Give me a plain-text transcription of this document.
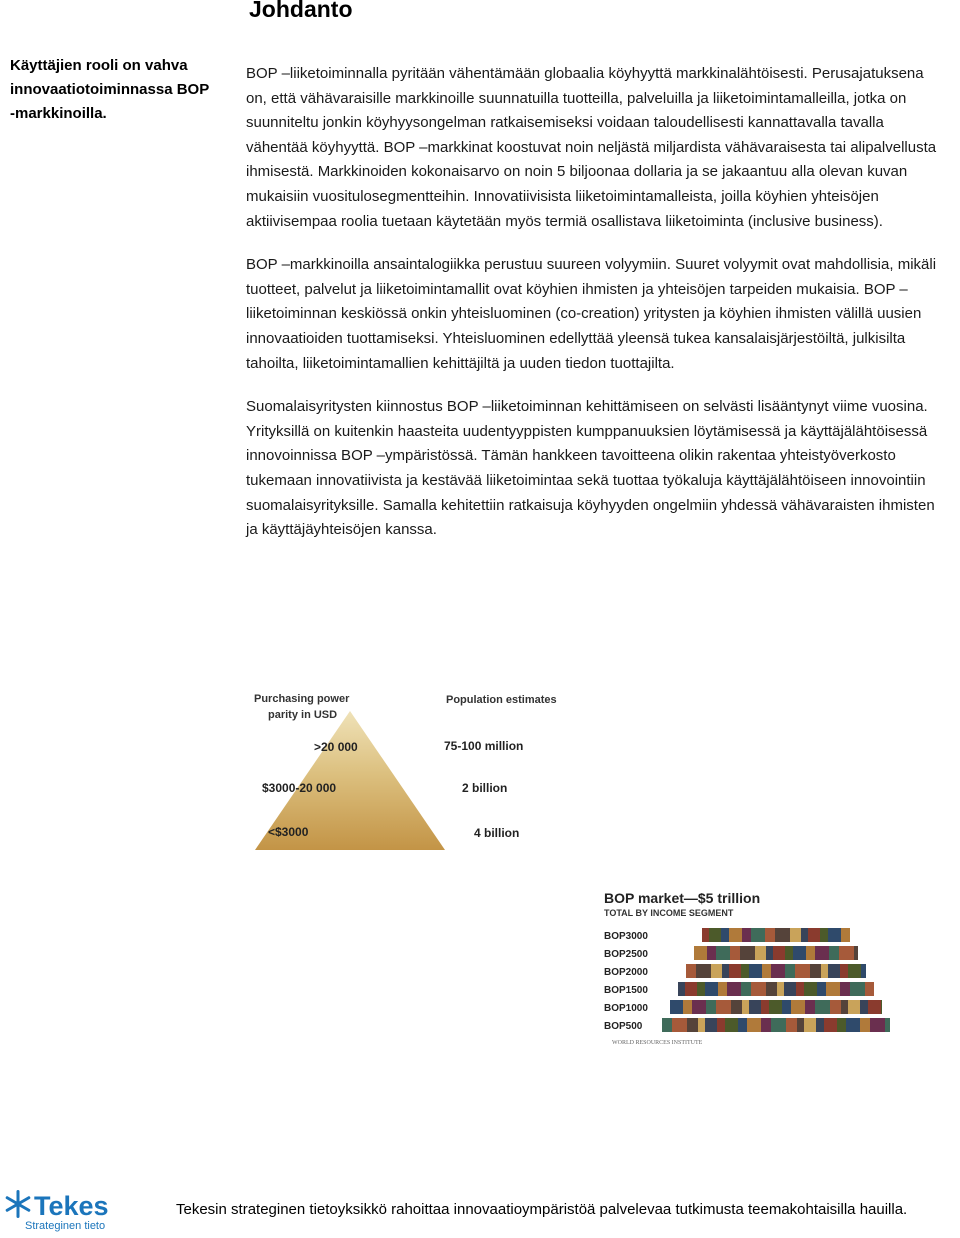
Johdanto
Käyttäjien rooli on vahva innovaatiotoiminnassa BOP -markkinoilla.

BOP –liiketoiminnalla pyritään vähentämään globaalia köyhyyttä markkinalähtöisesti. Perusajatuksena on, että vähävaraisille markkinoille suunnatuilla tuotteilla, palveluilla ja liiketoimintamalleilla, jotka on suunniteltu jonkin köyhyysongelman ratkaisemiseksi voidaan taloudellisesti kannattavalla tavalla vähentää köyhyyttä. BOP –markkinat koostuvat noin neljästä miljardista vähävaraisesta tai alipalvellusta ihmisestä. Markkinoiden kokonaisarvo on noin 5 biljoonaa dollaria ja se jakaantuu alla olevan kuvan mukaisiin vuositulosegmentteihin. Innovatiivisista liiketoimintamalleista, joilla köyhien yhteisöjen aktiivisempaa roolia tuetaan käytetään myös termiä osallistava liiketoiminta (inclusive business).

BOP –markkinoilla ansaintalogiikka perustuu suureen volyymiin. Suuret volyymit ovat mahdollisia, mikäli tuotteet, palvelut ja liiketoimintamallit ovat köyhien ihmisten ja yhteisöjen tarpeiden mukaisia. BOP –liiketoiminnan keskiössä onkin yhteisluominen (co-creation) yritysten ja köyhien ihmisten välillä uusien innovaatioiden tuottamiseksi. Yhteisluominen edellyttää yleensä tukea kansalaisjärjestöiltä, julkisilta tahoilta, liiketoimintamallien kehittäjiltä ja uuden tiedon tuottajilta.

Suomalaisyritysten kiinnostus BOP –liiketoiminnan kehittämiseen on selvästi lisääntynyt viime vuosina. Yrityksillä on kuitenkin haasteita uudentyyppisten kumppanuuksien löytämisessä ja käyttäjälähtöisessä innovoinnissa BOP –ympäristössä. Tämän hankkeen tavoitteena olikin rakentaa yhteistyöverkosto tukemaan innovatiivista ja kestävää liiketoimintaa sekä tuottaa työkaluja käyttäjälähtöiseen innovointiin suomalaisyrityksille. Samalla kehitettiin ratkaisuja köyhyyden ongelmiin yhdessä vähävaraisten ihmisten ja käyttäjäyhteisöjen kanssa.

Purchasing power parity in USD
Population estimates
>20 000	75-100 million
$3000-20 000	2 billion
<$3000	4 billion
BOP market—$5 trillion
TOTAL BY INCOME SEGMENT
BOP3000
BOP2500
BOP2000
BOP1500
BOP1000
BOP500
WORLD RESOURCES INSTITUTE
Tekes
Strateginen tieto
Tekesin strateginen tietoyksikkö rahoittaa innovaatioympäristöä palvelevaa tutkimusta teemakohtaisilla hauilla.
